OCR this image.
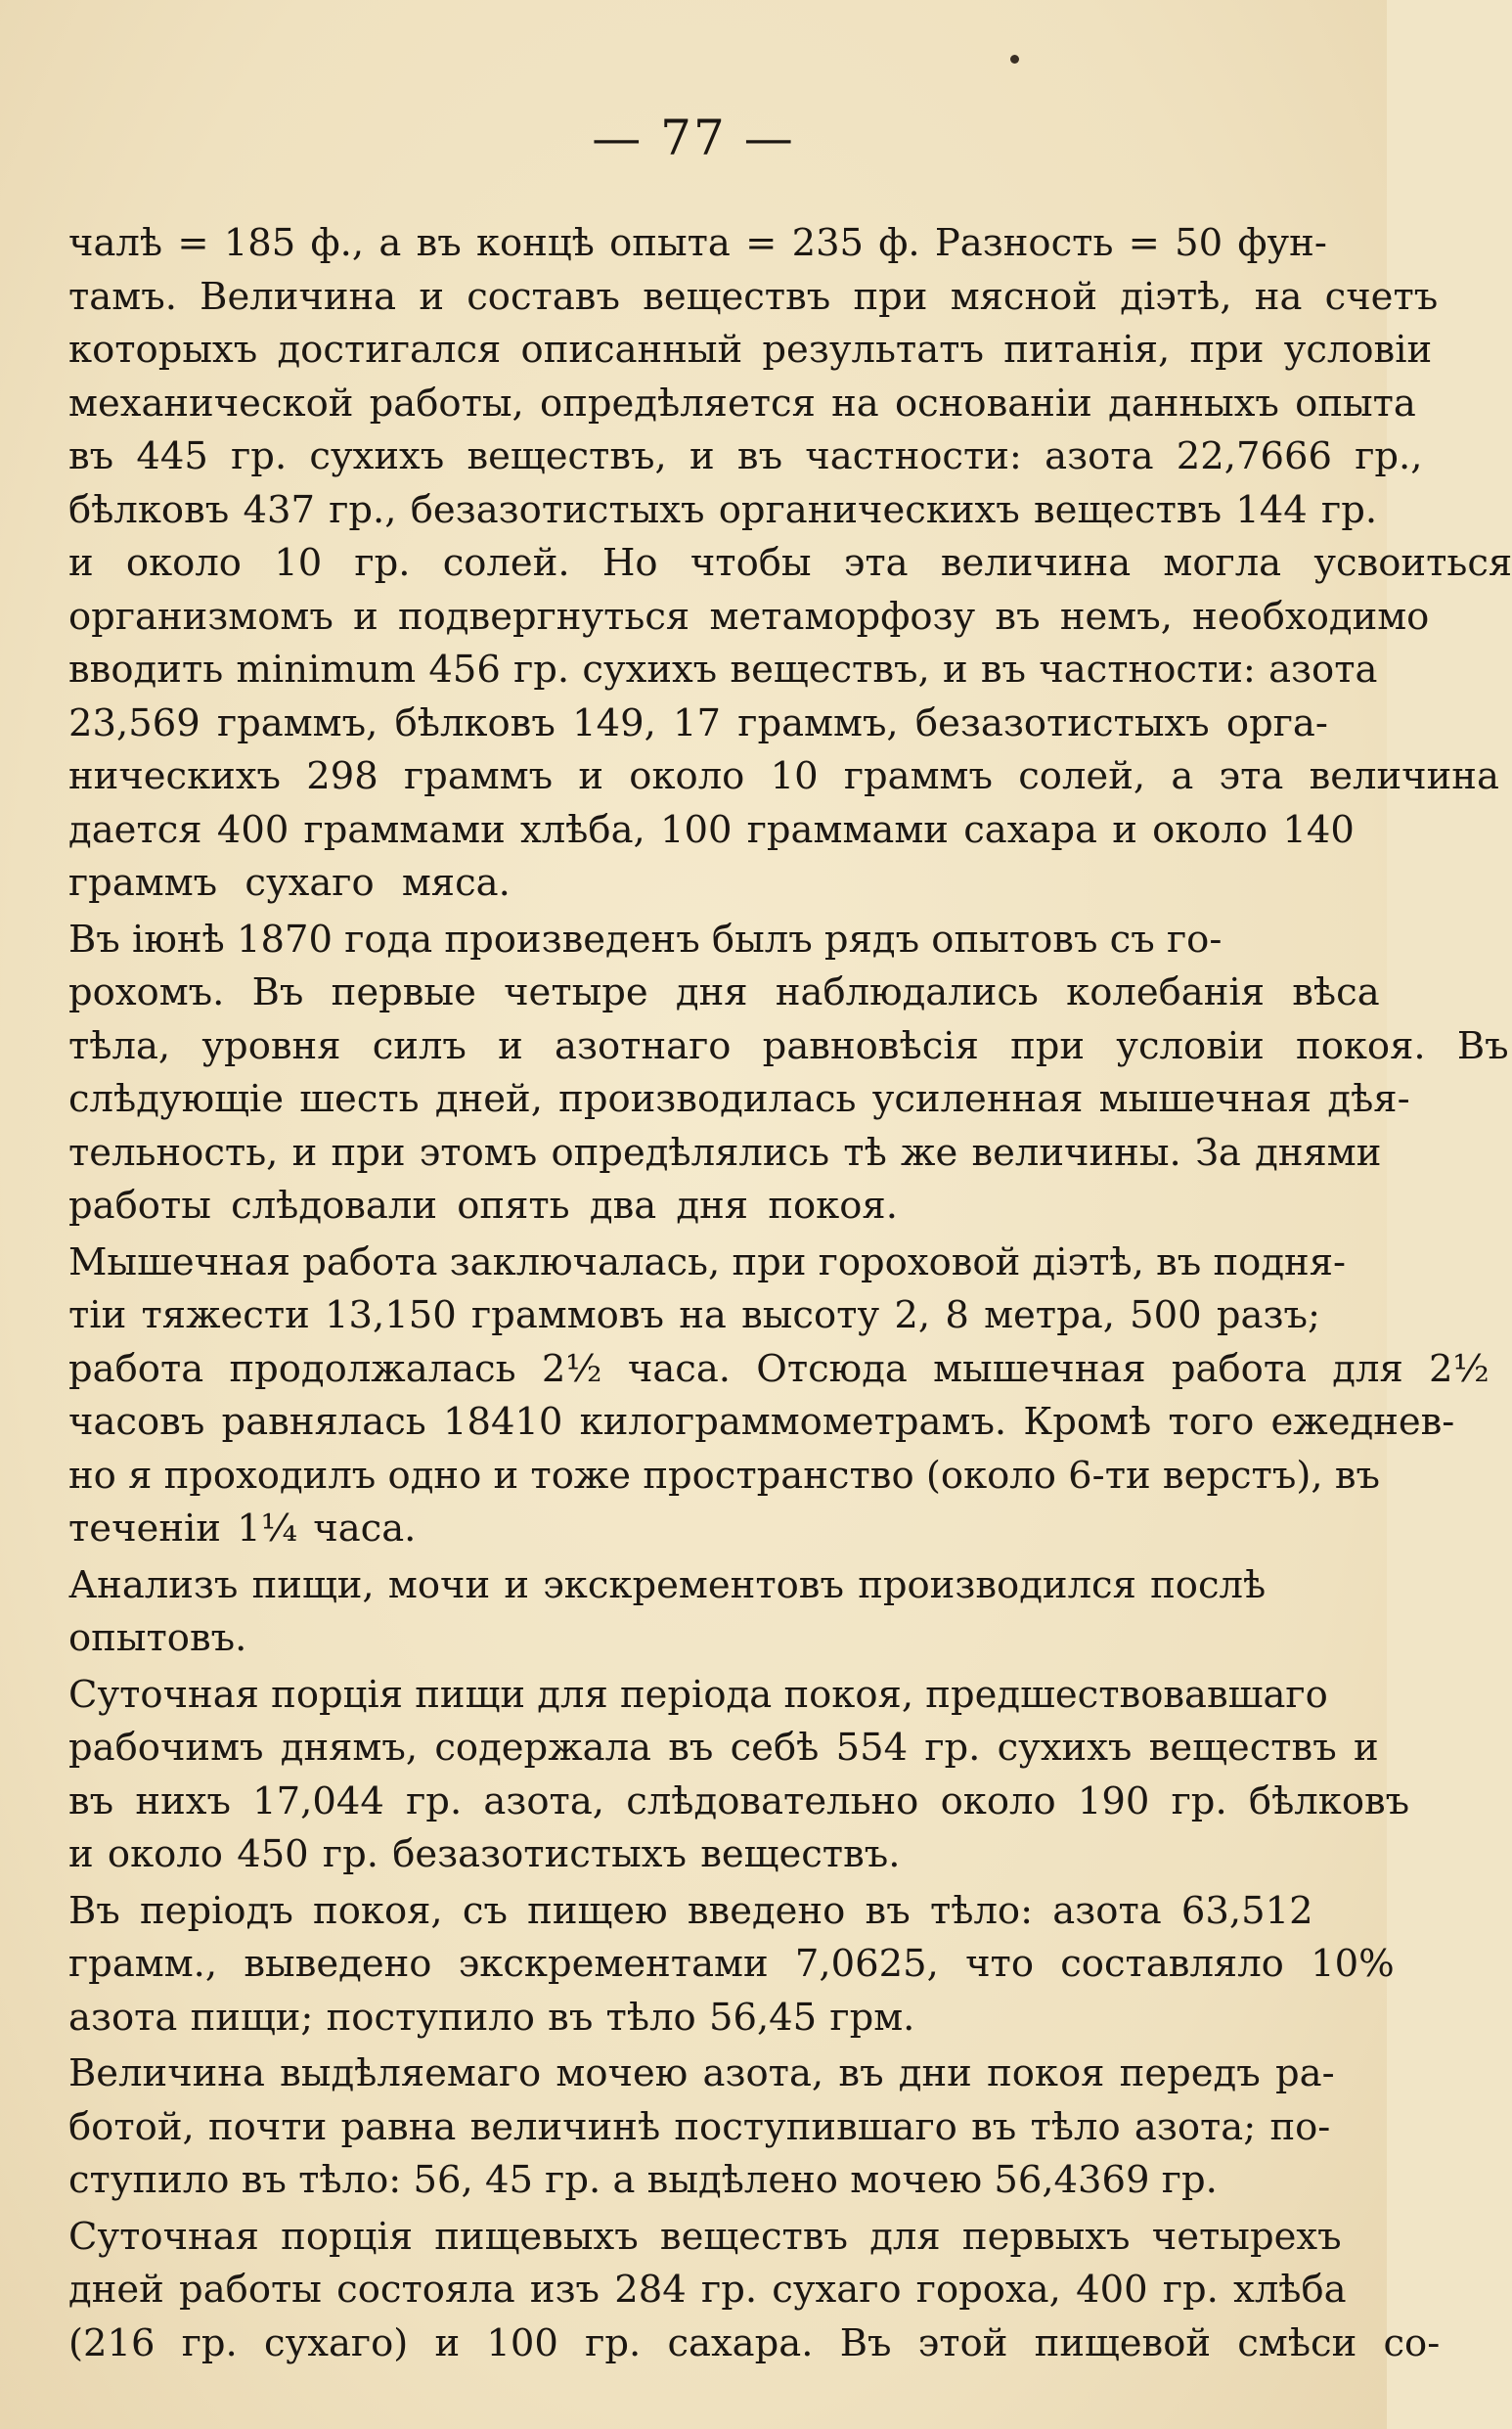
— 77 —
чалѣ = 185 ф., а въ концѣ опыта = 235 ф. Разность = 50 фун-
тамъ. Величина и составъ веществъ при мясной діэтѣ, на счетъ
которыхъ достигался описанный результатъ питанія, при условіи
механической работы, опредѣляется на основаніи данныхъ опыта
въ 445 гр. сухихъ веществъ, и въ частности: азота 22,7666 гр.,
бѣлковъ 437 гр., безазотистыхъ органическихъ веществъ 144 гр.
и около 10 гр. солей. Но чтобы эта величина могла усвоиться
организмомъ и подвергнуться метаморфозу въ немъ, необходимо
вводить minimum 456 гр. сухихъ веществъ, и въ частности: азота
23,569 граммъ, бѣлковъ 149, 17 граммъ, безазотистыхъ орга-
ническихъ 298 граммъ и около 10 граммъ солей, а эта величина
дается 400 граммами хлѣба, 100 граммами сахара и около 140
граммъ сухаго мяса.
Въ іюнѣ 1870 года произведенъ былъ рядъ опытовъ съ го-
рохомъ. Въ первые четыре дня наблюдались колебанія вѣса
тѣла, уровня силъ и азотнаго равновѣсія при условіи покоя. Въ
слѣдующіе шесть дней, производилась усиленная мышечная дѣя-
тельность, и при этомъ опредѣлялись тѣ же величины. За днями
работы слѣдовали опять два дня покоя.
Мышечная работа заключалась, при гороховой діэтѣ, въ подня-
тіи тяжести 13,150 граммовъ на высоту 2, 8 метра, 500 разъ;
работа продолжалась 2½ часа. Отсюда мышечная работа для 2½
часовъ равнялась 18410 килограммометрамъ. Кромѣ того ежеднев-
но я проходилъ одно и тоже пространство (около 6-ти верстъ), въ
теченіи 1¼ часа.
Анализъ пищи, мочи и экскрементовъ производился послѣ
опытовъ.
Суточная порція пищи для періода покоя, предшествовавшаго
рабочимъ днямъ, содержала въ себѣ 554 гр. сухихъ веществъ и
въ нихъ 17,044 гр. азота, слѣдовательно около 190 гр. бѣлковъ
и около 450 гр. безазотистыхъ веществъ.
Въ періодъ покоя, съ пищею введено въ тѣло: азота 63,512
грамм., выведено экскрементами 7,0625, что составляло 10%
азота пищи; поступило въ тѣло 56,45 грм.
Величина выдѣляемаго мочею азота, въ дни покоя передъ ра-
ботой, почти равна величинѣ поступившаго въ тѣло азота; по-
ступило въ тѣло: 56, 45 гр. а выдѣлено мочею 56,4369 гр.
Суточная порція пищевыхъ веществъ для первыхъ четырехъ
дней работы состояла изъ 284 гр. сухаго гороха, 400 гр. хлѣба
(216 гр. сухаго) и 100 гр. сахара. Въ этой пищевой смѣси со-
